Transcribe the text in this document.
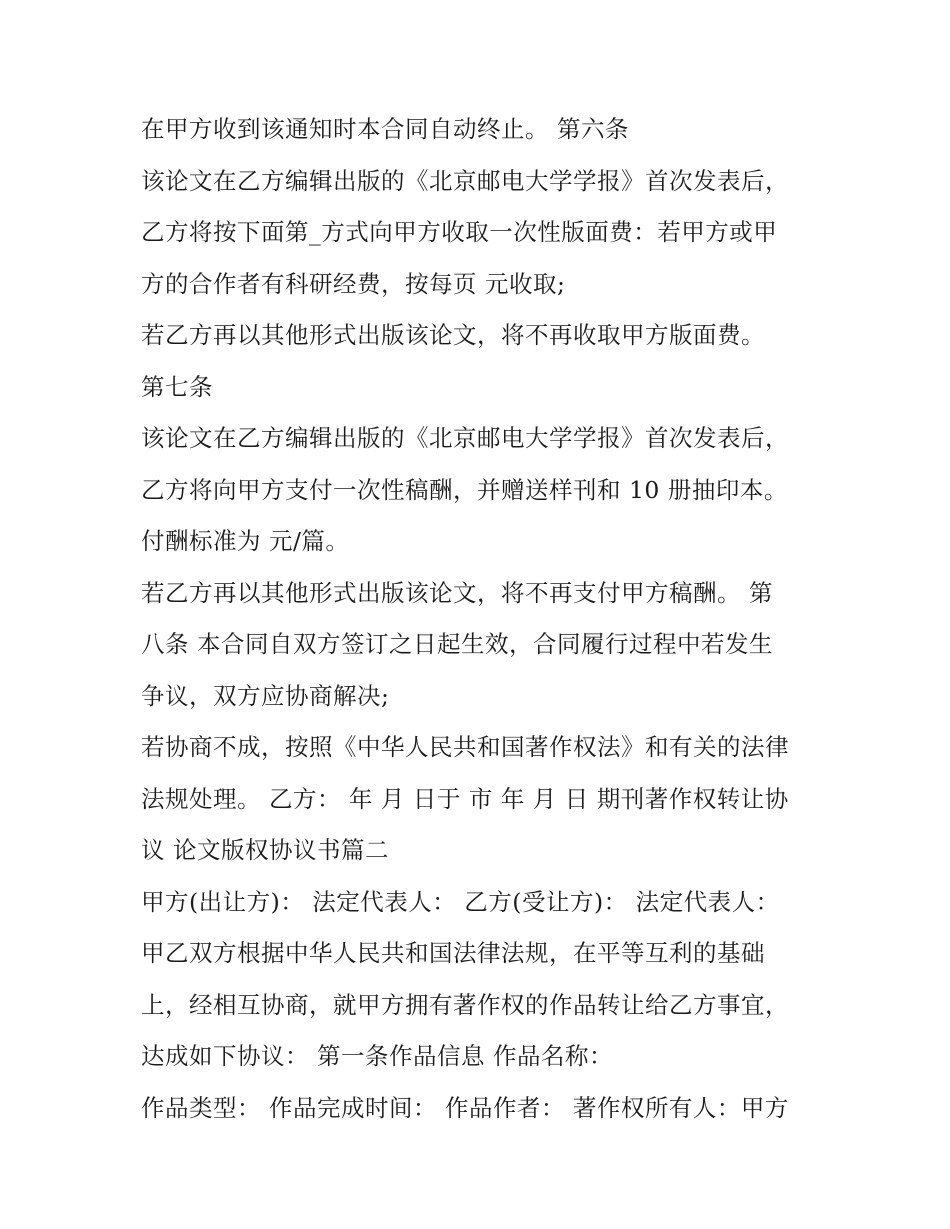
在甲方收到该通知时本合同自动终止。 第六条
该论文在乙方编辑出版的《北京邮电大学学报》首次发表后，
乙方将按下面第_方式向甲方收取一次性版面费：若甲方或甲
方的合作者有科研经费，按每页 元收取;
若乙方再以其他形式出版该论文，将不再收取甲方版面费。
第七条
该论文在乙方编辑出版的《北京邮电大学学报》首次发表后，
乙方将向甲方支付一次性稿酬，并赠送样刊和 10 册抽印本。
付酬标准为 元/篇。
若乙方再以其他形式出版该论文，将不再支付甲方稿酬。 第
八条 本合同自双方签订之日起生效，合同履行过程中若发生
争议，双方应协商解决;
若协商不成，按照《中华人民共和国著作权法》和有关的法律
法规处理。 乙方： 年 月 日于 市 年 月 日 期刊著作权转让协
议 论文版权协议书篇二
甲方(出让方)： 法定代表人： 乙方(受让方)： 法定代表人：
甲乙双方根据中华人民共和国法律法规，在平等互利的基础
上，经相互协商，就甲方拥有著作权的作品转让给乙方事宜，
达成如下协议： 第一条作品信息 作品名称：
作品类型： 作品完成时间： 作品作者： 著作权所有人：甲方
